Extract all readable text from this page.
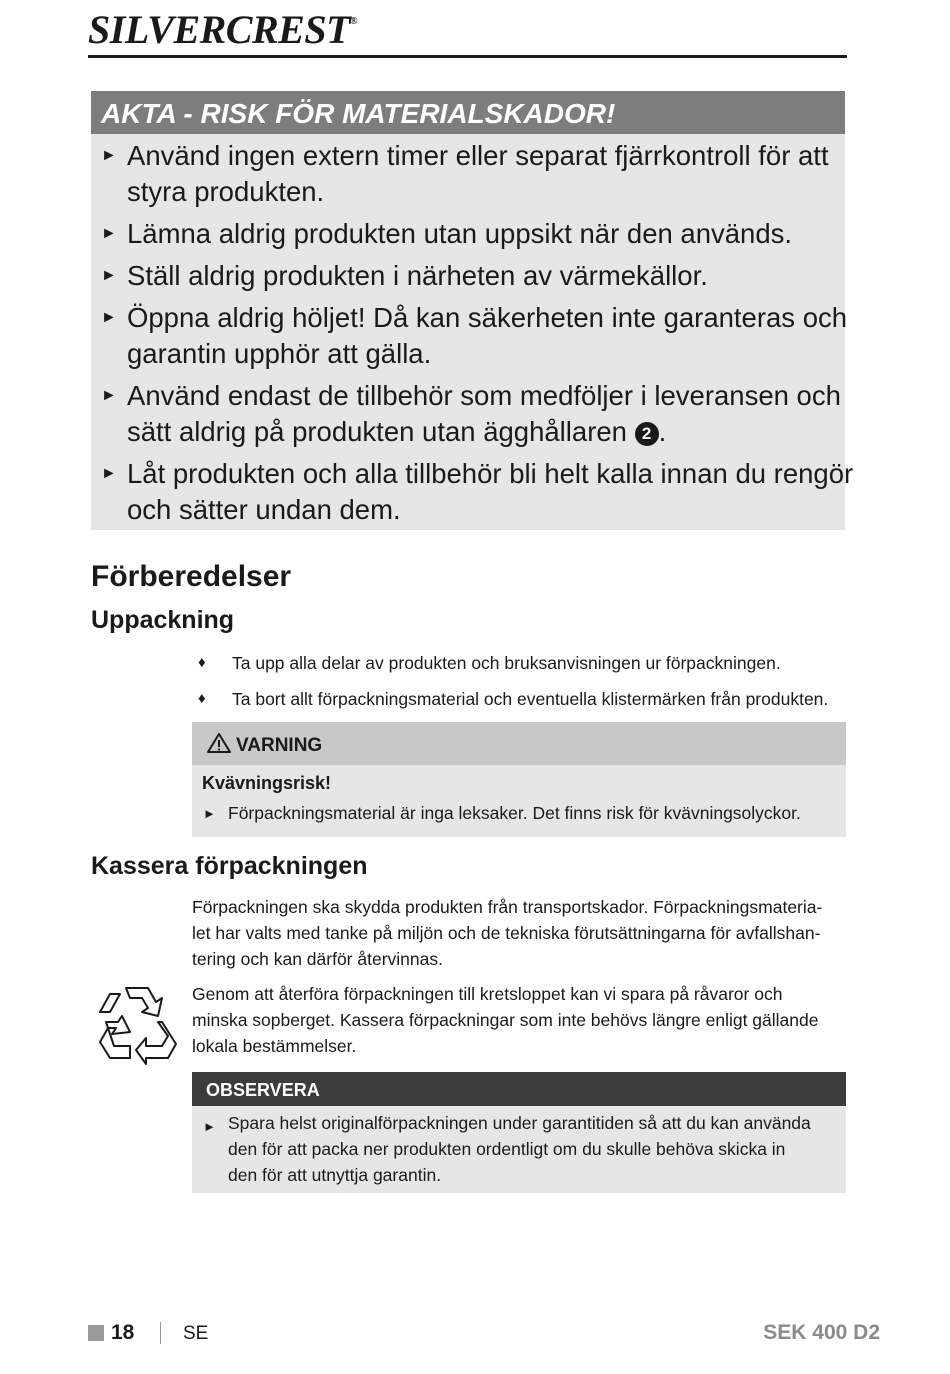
SILVERCREST®
AKTA - RISK FÖR MATERIALSKADOR!
► Använd ingen extern timer eller separat fjärrkontroll för att
styra produkten.
► Lämna aldrig produkten utan uppsikt när den används.
► Ställ aldrig produkten i närheten av värmekällor.
► Öppna aldrig höljet! Då kan säkerheten inte garanteras och
garantin upphör att gälla.
► Använd endast de tillbehör som medföljer i leveransen och
sätt aldrig på produkten utan ägghållaren 2 .
► Låt produkten och alla tillbehör bli helt kalla innan du rengör
och sätter undan dem.
Förberedelser
Uppackning
♦ Ta upp alla delar av produkten och bruksanvisningen ur förpackningen.
♦ Ta bort allt förpackningsmaterial och eventuella klistermärken från produkten.
VARNING
Kvävningsrisk!
► Förpackningsmaterial är inga leksaker. Det finns risk för kvävningsolyckor.
Kassera förpackningen

Förpackningen ska skydda produkten från transportskador. Förpackningsmateria-
let har valts med tanke på miljön och de tekniska förutsättningarna för avfallshan-
tering och kan därför återvinnas.

Genom att återföra förpackningen till kretsloppet kan vi spara på råvaror och
minska sopberget. Kassera förpackningar som inte behövs längre enligt gällande
lokala bestämmelser.

OBSERVERA
► Spara helst originalförpackningen under garantitiden så att du kan använda
den för att packa ner produkten ordentligt om du skulle behöva skicka in
den för att utnyttja garantin.
18	SE	SEK 400 D2
